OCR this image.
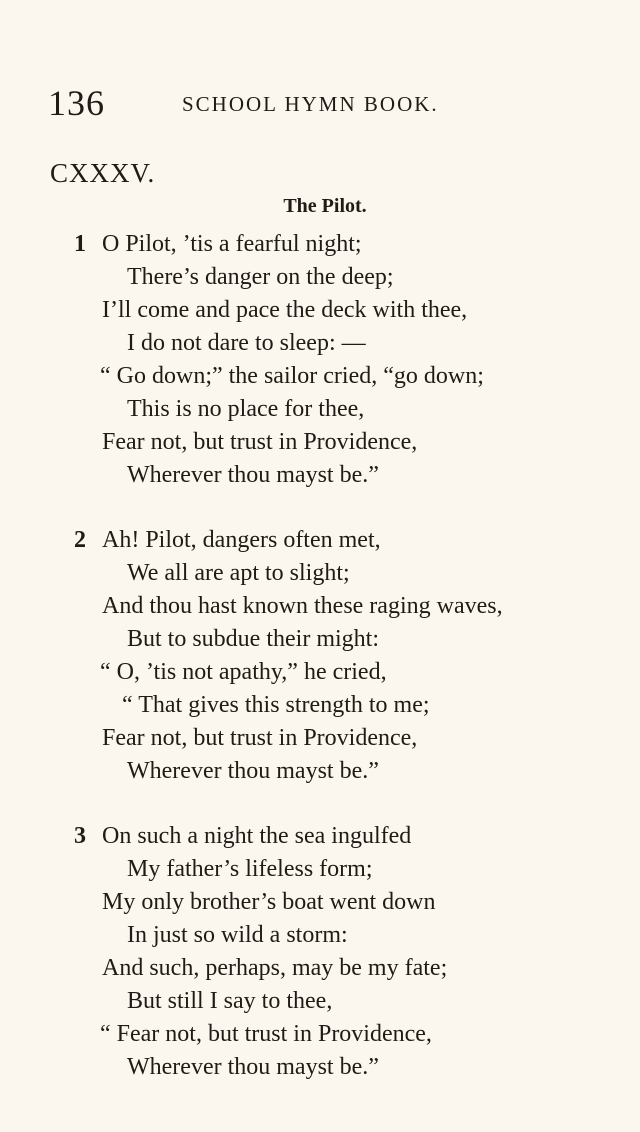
136	SCHOOL HYMN BOOK.
CXXXV.
The Pilot.
1 O Pilot, ’tis a fearful night;
There’s danger on the deep;
I’ll come and pace the deck with thee,
I do not dare to sleep: —
“ Go down;” the sailor cried, “go down;
This is no place for thee,
Fear not, but trust in Providence,
Wherever thou mayst be.”
2 Ah! Pilot, dangers often met,
We all are apt to slight;
And thou hast known these raging waves,
But to subdue their might:
“ O, ’tis not apathy,” he cried,
“ That gives this strength to me;
Fear not, but trust in Providence,
Wherever thou mayst be.”
3 On such a night the sea ingulfed
My father’s lifeless form;
My only brother’s boat went down
In just so wild a storm:
And such, perhaps, may be my fate;
But still I say to thee,
“ Fear not, but trust in Providence,
Wherever thou mayst be.”
